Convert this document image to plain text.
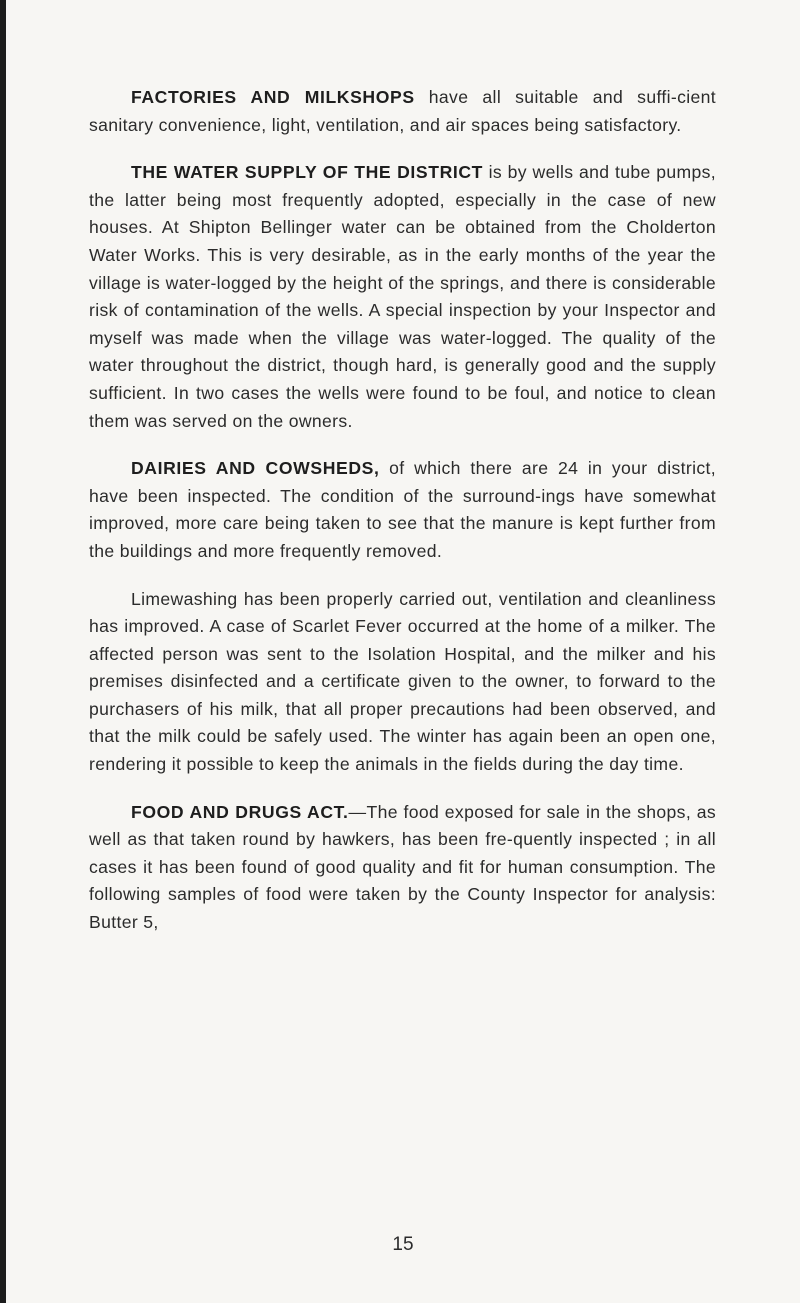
FACTORIES AND MILKSHOPS have all suitable and suffi-cient sanitary convenience, light, ventilation, and air spaces being satisfactory.

THE WATER SUPPLY OF THE DISTRICT is by wells and tube pumps, the latter being most frequently adopted, especially in the case of new houses. At Shipton Bellinger water can be obtained from the Cholderton Water Works. This is very desirable, as in the early months of the year the village is water-logged by the height of the springs, and there is considerable risk of contamination of the wells. A special inspection by your Inspector and myself was made when the village was water-logged. The quality of the water throughout the district, though hard, is generally good and the supply sufficient. In two cases the wells were found to be foul, and notice to clean them was served on the owners.

DAIRIES AND COWSHEDS, of which there are 24 in your district, have been inspected. The condition of the surround-ings have somewhat improved, more care being taken to see that the manure is kept further from the buildings and more frequently removed.

Limewashing has been properly carried out, ventilation and cleanliness has improved. A case of Scarlet Fever occurred at the home of a milker. The affected person was sent to the Isolation Hospital, and the milker and his premises disinfected and a certificate given to the owner, to forward to the purchasers of his milk, that all proper precautions had been observed, and that the milk could be safely used. The winter has again been an open one, rendering it possible to keep the animals in the fields during the day time.

FOOD AND DRUGS ACT.—The food exposed for sale in the shops, as well as that taken round by hawkers, has been fre-quently inspected ; in all cases it has been found of good quality and fit for human consumption. The following samples of food were taken by the County Inspector for analysis: Butter 5,

15
